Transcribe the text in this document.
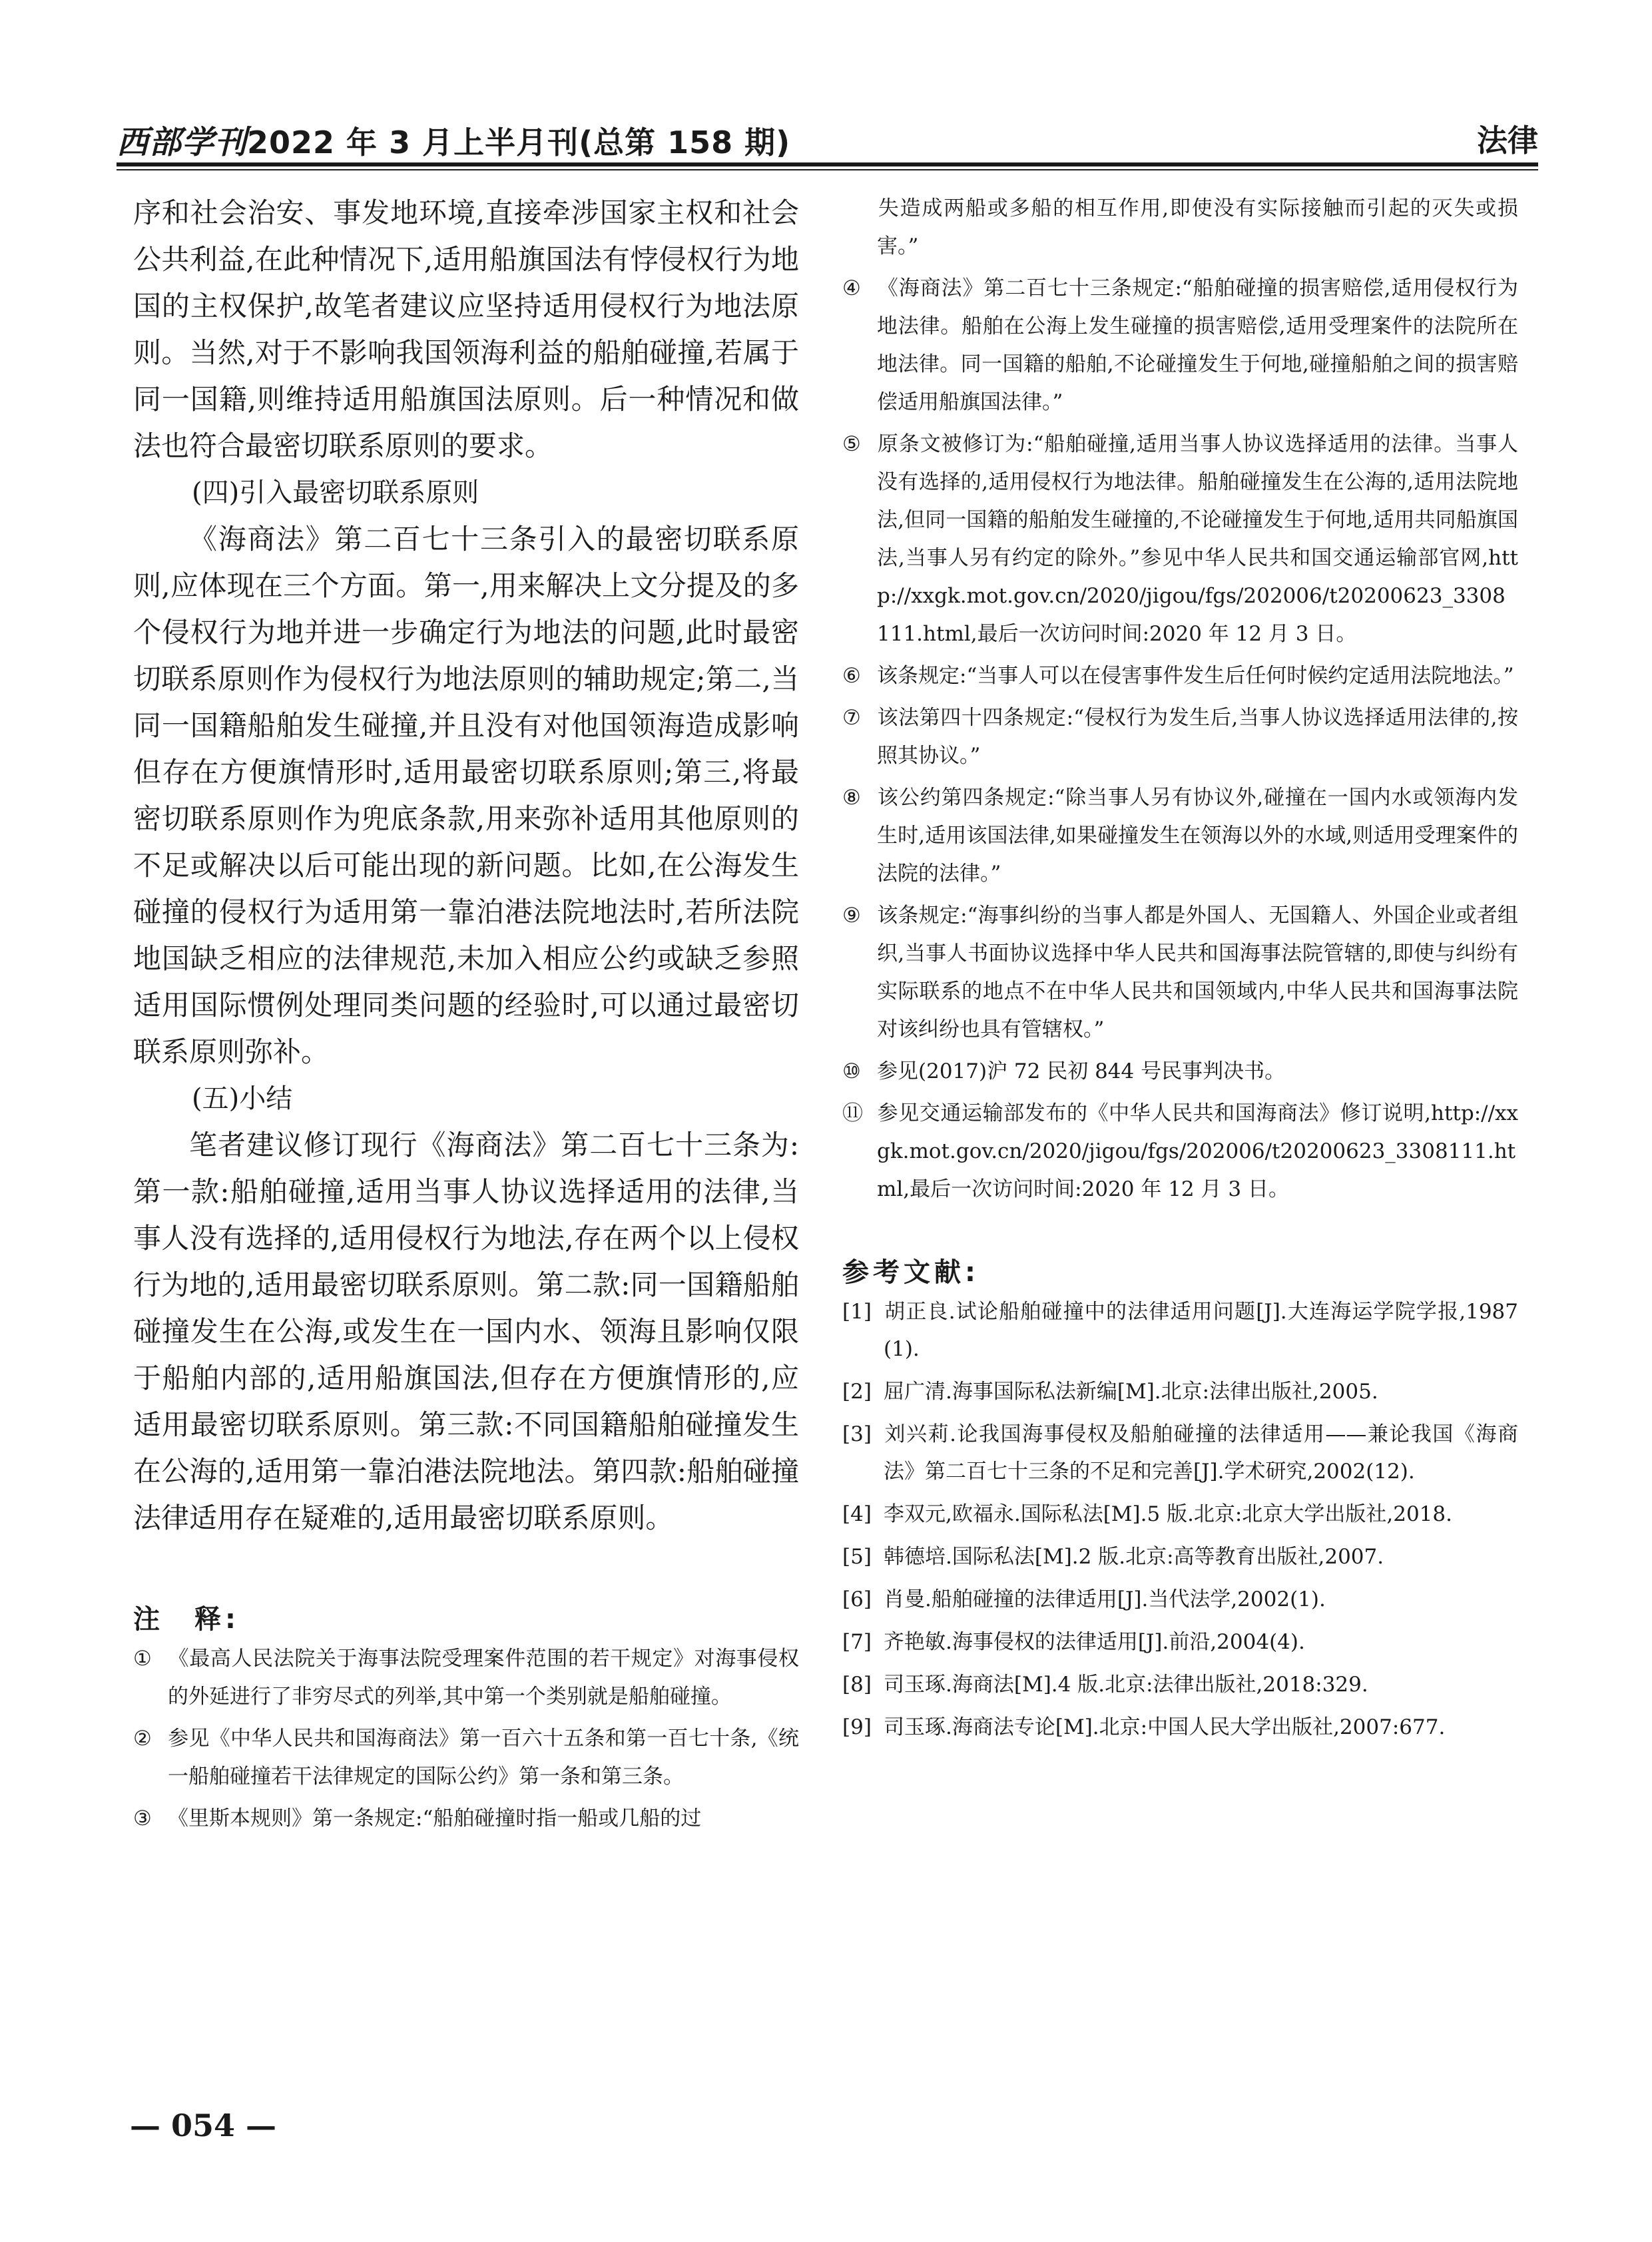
西部学刊2022 年 3 月上半月刊(总第 158 期)	法律

序和社会治安、事发地环境,直接牵涉国家主权和社会公共利益,在此种情况下,适用船旗国法有悖侵权行为地国的主权保护,故笔者建议应坚持适用侵权行为地法原则。当然,对于不影响我国领海利益的船舶碰撞,若属于同一国籍,则维持适用船旗国法原则。后一种情况和做法也符合最密切联系原则的要求。

(四)引入最密切联系原则

《海商法》第二百七十三条引入的最密切联系原则,应体现在三个方面。第一,用来解决上文分提及的多个侵权行为地并进一步确定行为地法的问题,此时最密切联系原则作为侵权行为地法原则的辅助规定;第二,当同一国籍船舶发生碰撞,并且没有对他国领海造成影响但存在方便旗情形时,适用最密切联系原则;第三,将最密切联系原则作为兜底条款,用来弥补适用其他原则的不足或解决以后可能出现的新问题。比如,在公海发生碰撞的侵权行为适用第一靠泊港法院地法时,若所法院地国缺乏相应的法律规范,未加入相应公约或缺乏参照适用国际惯例处理同类问题的经验时,可以通过最密切联系原则弥补。

(五)小结

笔者建议修订现行《海商法》第二百七十三条为:第一款:船舶碰撞,适用当事人协议选择适用的法律,当事人没有选择的,适用侵权行为地法,存在两个以上侵权行为地的,适用最密切联系原则。第二款:同一国籍船舶碰撞发生在公海,或发生在一国内水、领海且影响仅限于船舶内部的,适用船旗国法,但存在方便旗情形的,应适用最密切联系原则。第三款:不同国籍船舶碰撞发生在公海的,适用第一靠泊港法院地法。第四款:船舶碰撞法律适用存在疑难的,适用最密切联系原则。

注　释:

① 《最高人民法院关于海事法院受理案件范围的若干规定》对海事侵权的外延进行了非穷尽式的列举,其中第一个类别就是船舶碰撞。

② 参见《中华人民共和国海商法》第一百六十五条和第一百七十条,《统一船舶碰撞若干法律规定的国际公约》第一条和第三条。

③ 《里斯本规则》第一条规定:“船舶碰撞时指一船或几船的过

失造成两船或多船的相互作用,即使没有实际接触而引起的灭失或损害。”

④ 《海商法》第二百七十三条规定:“船舶碰撞的损害赔偿,适用侵权行为地法律。船舶在公海上发生碰撞的损害赔偿,适用受理案件的法院所在地法律。同一国籍的船舶,不论碰撞发生于何地,碰撞船舶之间的损害赔偿适用船旗国法律。”

⑤ 原条文被修订为:“船舶碰撞,适用当事人协议选择适用的法律。当事人没有选择的,适用侵权行为地法律。船舶碰撞发生在公海的,适用法院地法,但同一国籍的船舶发生碰撞的,不论碰撞发生于何地,适用共同船旗国法,当事人另有约定的除外。”参见中华人民共和国交通运输部官网,http://xxgk.mot.gov.cn/2020/jigou/fgs/202006/t20200623_3308111.html,最后一次访问时间:2020 年 12 月 3 日。

⑥ 该条规定:“当事人可以在侵害事件发生后任何时候约定适用法院地法。”

⑦ 该法第四十四条规定:“侵权行为发生后,当事人协议选择适用法律的,按照其协议。”

⑧ 该公约第四条规定:“除当事人另有协议外,碰撞在一国内水或领海内发生时,适用该国法律,如果碰撞发生在领海以外的水域,则适用受理案件的法院的法律。”

⑨ 该条规定:“海事纠纷的当事人都是外国人、无国籍人、外国企业或者组织,当事人书面协议选择中华人民共和国海事法院管辖的,即使与纠纷有实际联系的地点不在中华人民共和国领域内,中华人民共和国海事法院对该纠纷也具有管辖权。”

⑩ 参见(2017)沪 72 民初 844 号民事判决书。

⑪ 参见交通运输部发布的《中华人民共和国海商法》修订说明,http://xxgk.mot.gov.cn/2020/jigou/fgs/202006/t20200623_3308111.html,最后一次访问时间:2020 年 12 月 3 日。

参考文献:

[1] 胡正良.试论船舶碰撞中的法律适用问题[J].大连海运学院学报,1987(1).

[2] 屈广清.海事国际私法新编[M].北京:法律出版社,2005.

[3] 刘兴莉.论我国海事侵权及船舶碰撞的法律适用——兼论我国《海商法》第二百七十三条的不足和完善[J].学术研究,2002(12).

[4] 李双元,欧福永.国际私法[M].5 版.北京:北京大学出版社,2018.

[5] 韩德培.国际私法[M].2 版.北京:高等教育出版社,2007.

[6] 肖曼.船舶碰撞的法律适用[J].当代法学,2002(1).

[7] 齐艳敏.海事侵权的法律适用[J].前沿,2004(4).

[8] 司玉琢.海商法[M].4 版.北京:法律出版社,2018:329.

[9] 司玉琢.海商法专论[M].北京:中国人民大学出版社,2007:677.

— 054 —
